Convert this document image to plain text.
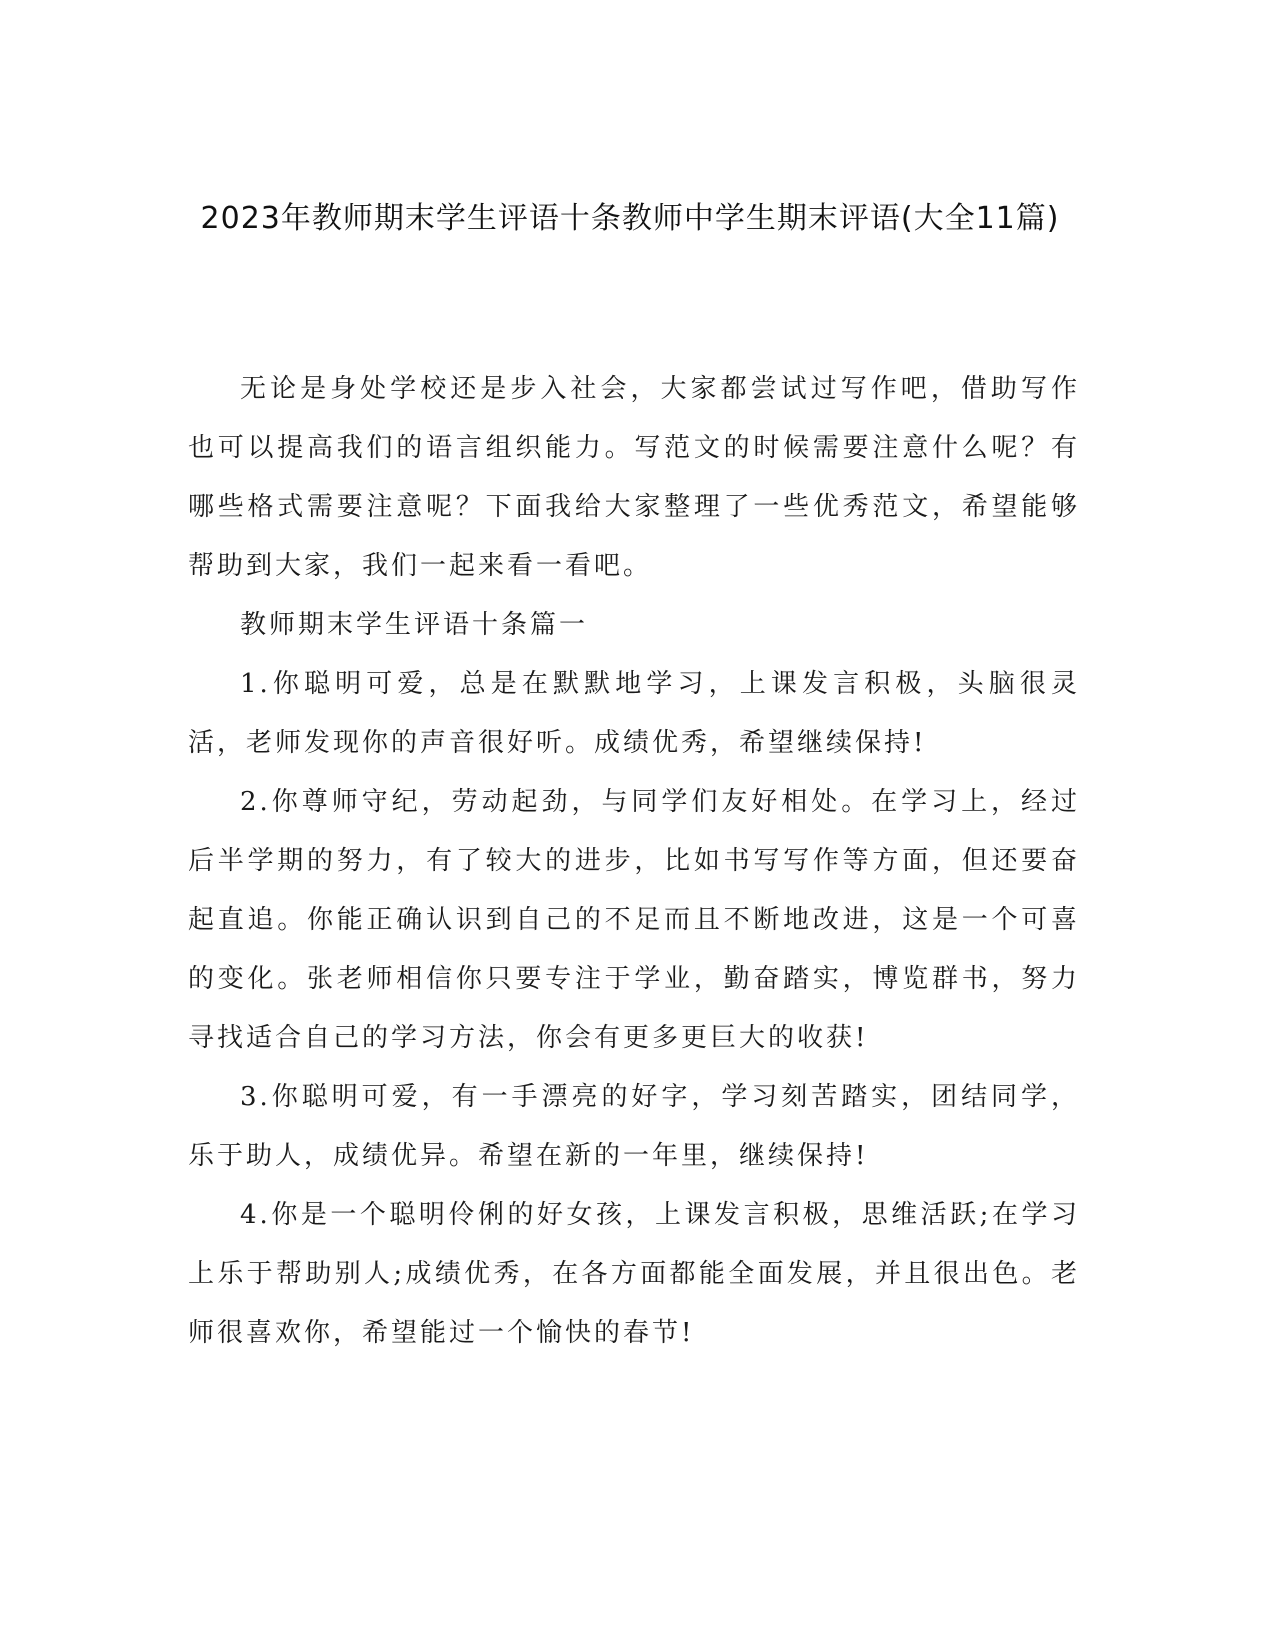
2023年教师期末学生评语十条教师中学生期末评语(大全11篇)

无论是身处学校还是步入社会，大家都尝试过写作吧，借助写作也可以提高我们的语言组织能力。写范文的时候需要注意什么呢？有哪些格式需要注意呢？下面我给大家整理了一些优秀范文，希望能够帮助到大家，我们一起来看一看吧。

教师期末学生评语十条篇一

1.你聪明可爱，总是在默默地学习，上课发言积极，头脑很灵活，老师发现你的声音很好听。成绩优秀，希望继续保持!

2.你尊师守纪，劳动起劲，与同学们友好相处。在学习上，经过后半学期的努力，有了较大的进步，比如书写写作等方面，但还要奋起直追。你能正确认识到自己的不足而且不断地改进，这是一个可喜的变化。张老师相信你只要专注于学业，勤奋踏实，博览群书，努力寻找适合自己的学习方法，你会有更多更巨大的收获!

3.你聪明可爱，有一手漂亮的好字，学习刻苦踏实，团结同学，乐于助人，成绩优异。希望在新的一年里，继续保持!

4.你是一个聪明伶俐的好女孩，上课发言积极，思维活跃;在学习上乐于帮助别人;成绩优秀，在各方面都能全面发展，并且很出色。老师很喜欢你，希望能过一个愉快的春节!
